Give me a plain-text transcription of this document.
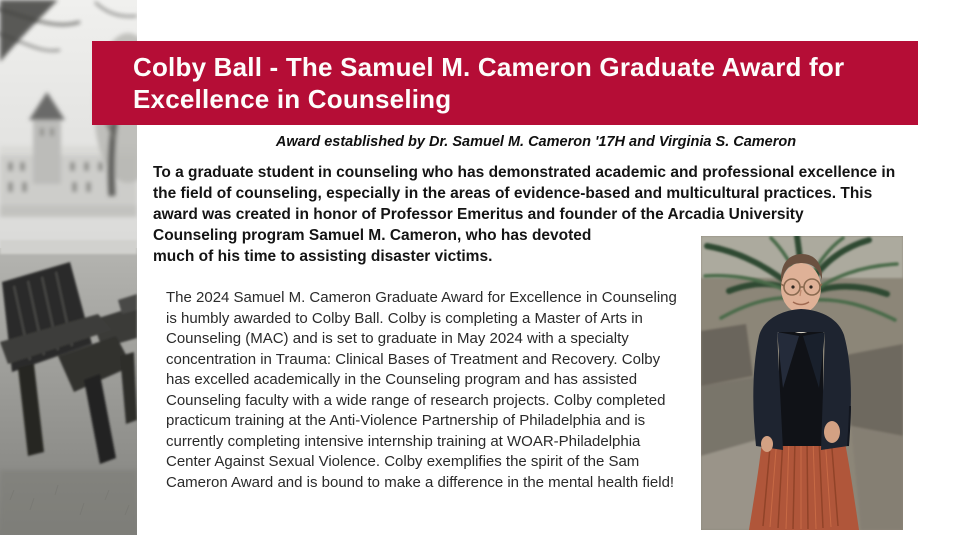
Colby Ball - The Samuel M. Cameron Graduate Award for
Excellence in Counseling
Award established by Dr. Samuel M. Cameron '17H and Virginia S. Cameron
To a graduate student in counseling who has demonstrated academic and professional excellence in
the field of counseling, especially in the areas of evidence-based and multicultural practices. This
award was created in honor of Professor Emeritus and founder of the Arcadia University
Counseling program Samuel M. Cameron, who has devoted
much of his time to assisting disaster victims.
The 2024 Samuel M. Cameron Graduate Award for Excellence in Counseling
is humbly awarded to Colby Ball. Colby is completing a Master of Arts in
Counseling (MAC) and is set to graduate in May 2024 with a specialty
concentration in Trauma: Clinical Bases of Treatment and Recovery. Colby
has excelled academically in the Counseling program and has assisted
Counseling faculty with a wide range of research projects. Colby completed
practicum training at the Anti-Violence Partnership of Philadelphia and is
currently completing intensive internship training at WOAR-Philadelphia
Center Against Sexual Violence. Colby exemplifies the spirit of the Sam
Cameron Award and is bound to make a difference in the mental health field!
